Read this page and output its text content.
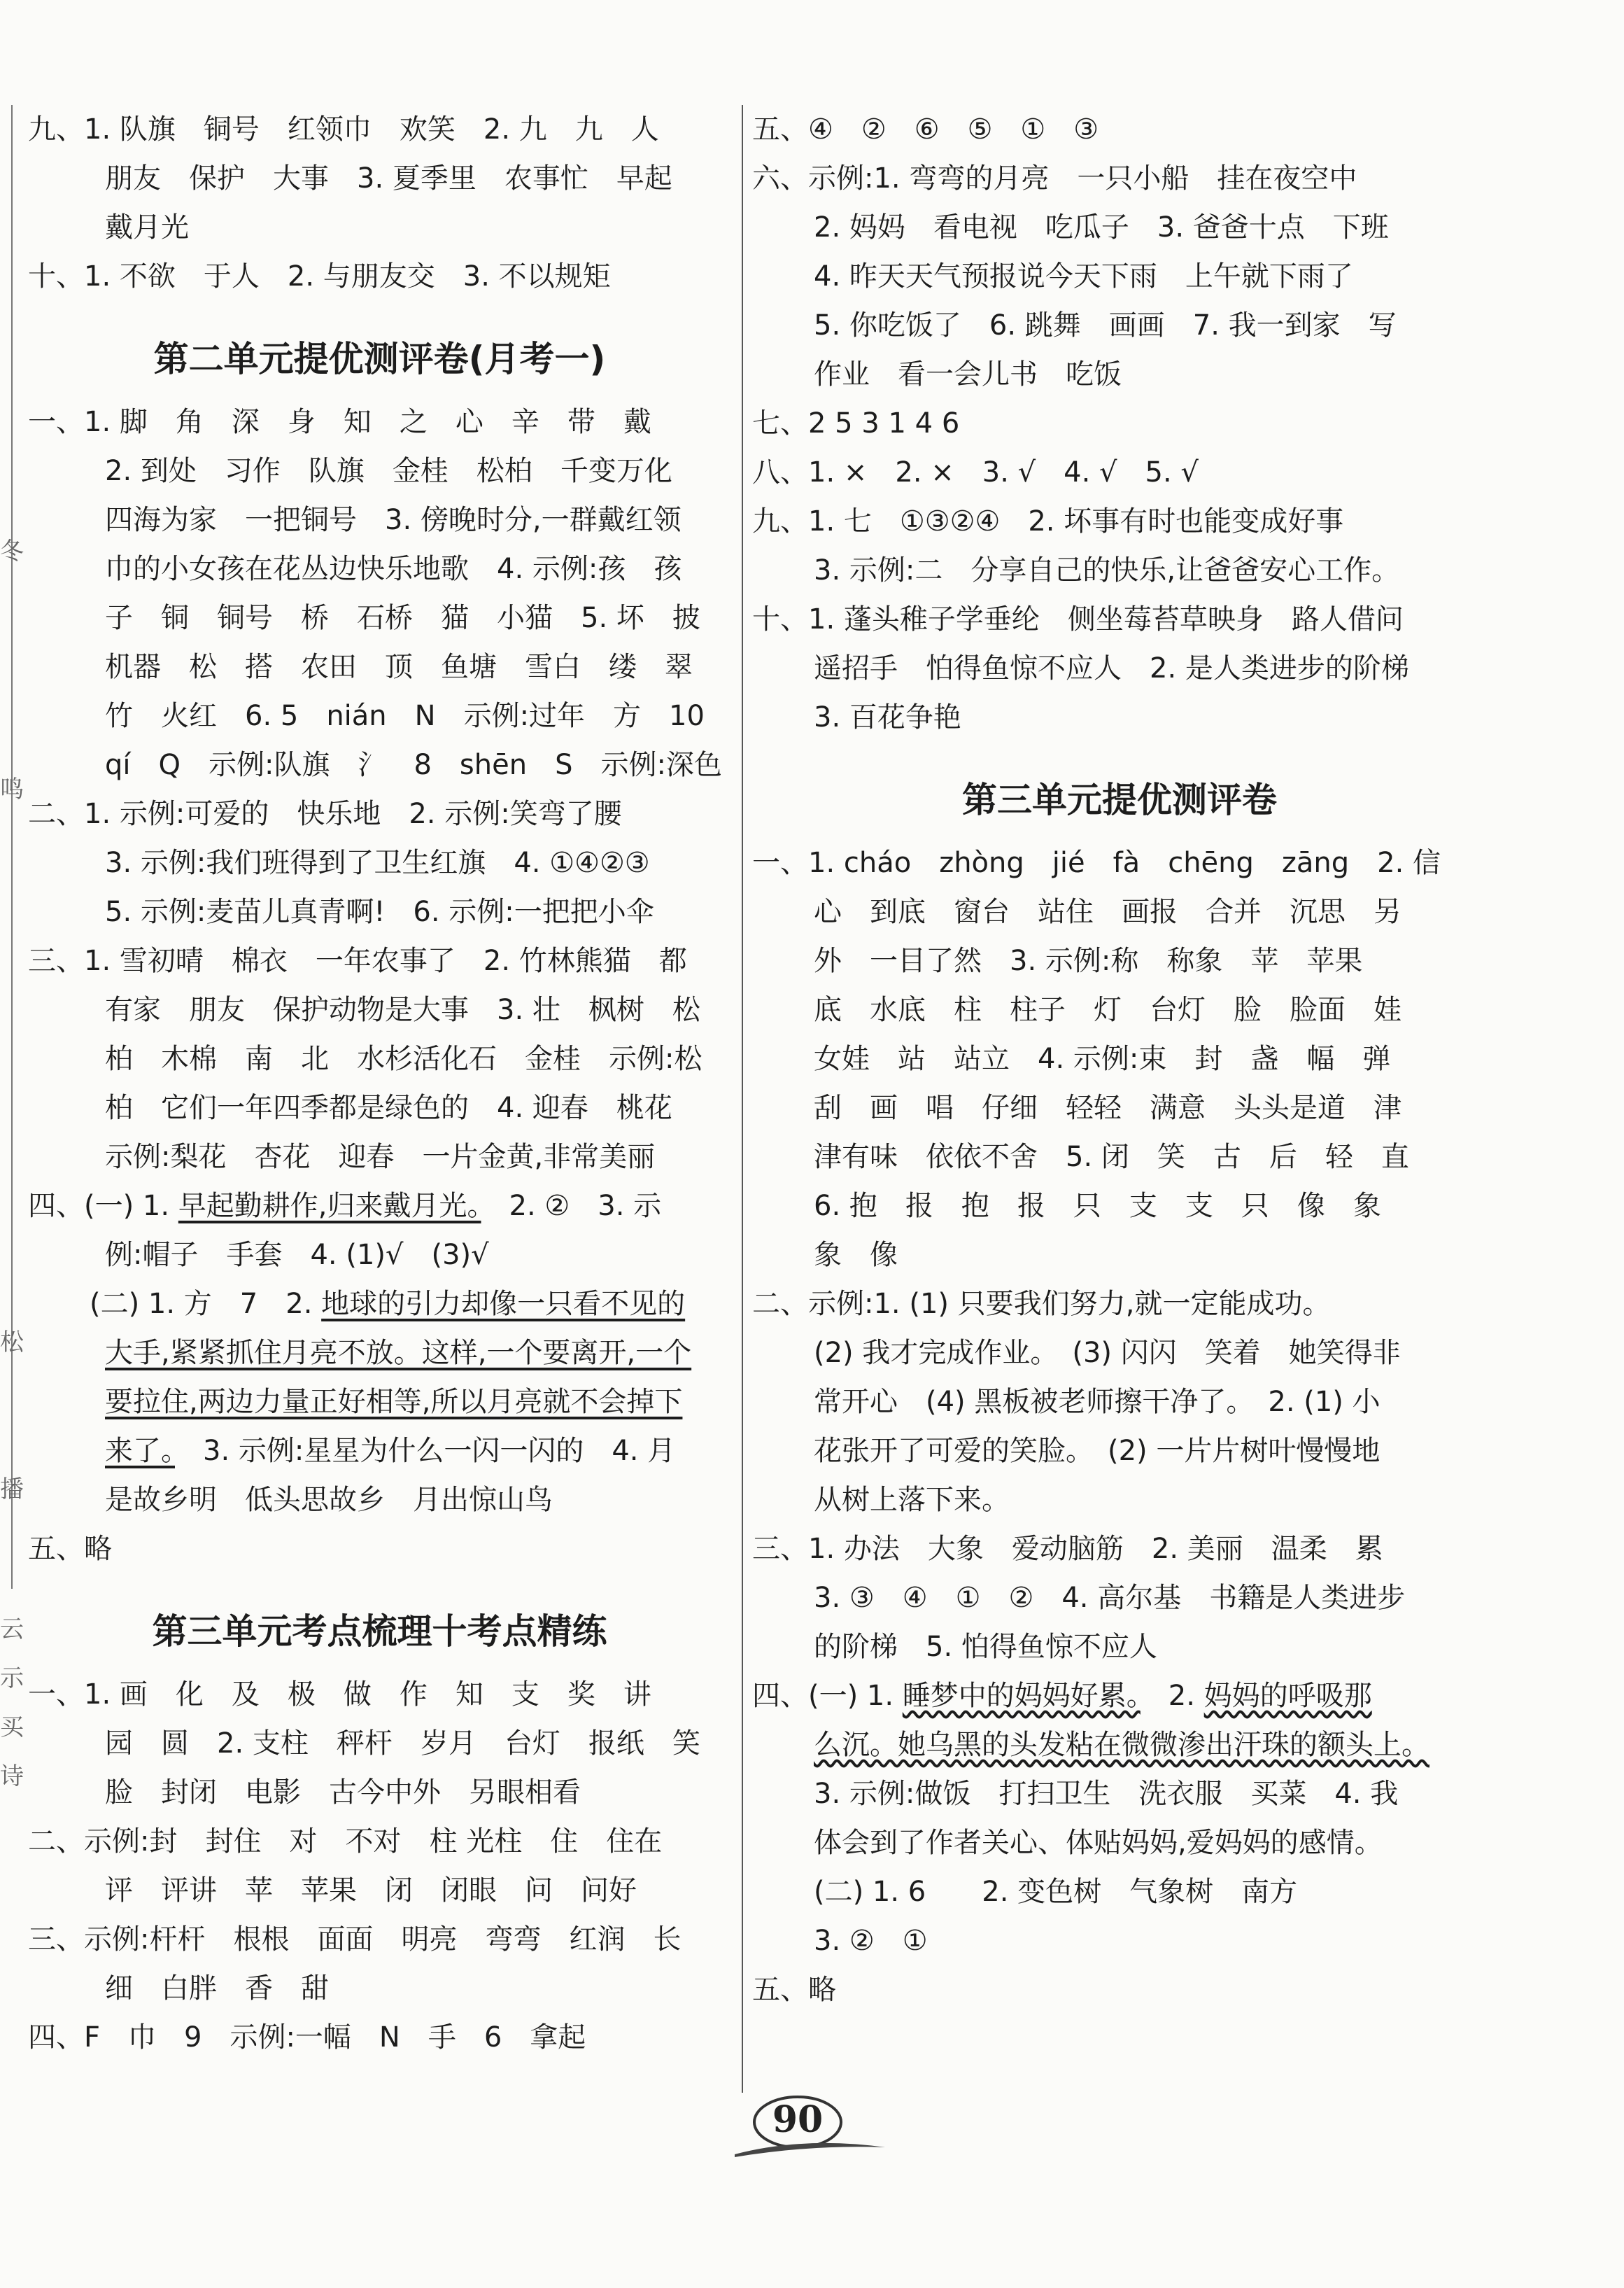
松
播
云
示
买
诗
冬
鸣
九、1. 队旗　铜号　红领巾　欢笑　2. 九　九　人
朋友　保护　大事　3. 夏季里　农事忙　早起
戴月光
十、1. 不欲　于人　2. 与朋友交　3. 不以规矩
第二单元提优测评卷(月考一)
一、1. 脚　角　深　身　知　之　心　辛　带　戴
2. 到处　习作　队旗　金桂　松柏　千变万化
四海为家　一把铜号　3. 傍晚时分,一群戴红领
巾的小女孩在花丛边快乐地歌　4. 示例:孩　孩
子　铜　铜号　桥　石桥　猫　小猫　5. 坏　披
机器　松　搭　农田　顶　鱼塘　雪白　缕　翠
竹　火红　6. 5　nián　N　示例:过年　方　10
qí　Q　示例:队旗　氵　8　shēn　S　示例:深色
二、1. 示例:可爱的　快乐地　2. 示例:笑弯了腰
3. 示例:我们班得到了卫生红旗　4. ①④②③
5. 示例:麦苗儿真青啊!　6. 示例:一把把小伞
三、1. 雪初晴　棉衣　一年农事了　2. 竹林熊猫　都
有家　朋友　保护动物是大事　3. 壮　枫树　松
柏　木棉　南　北　水杉活化石　金桂　示例:松
柏　它们一年四季都是绿色的　4. 迎春　桃花
示例:梨花　杏花　迎春　一片金黄,非常美丽
四、(一) 1. 早起勤耕作,归来戴月光。　2. ②　3. 示
例:帽子　手套　4. (1)√　(3)√
(二) 1. 方　7　2. 地球的引力却像一只看不见的
大手,紧紧抓住月亮不放。这样,一个要离开,一个
要拉住,两边力量正好相等,所以月亮就不会掉下
来了。　3. 示例:星星为什么一闪一闪的　4. 月
是故乡明　低头思故乡　月出惊山鸟
五、略
第三单元考点梳理十考点精练
一、1. 画　化　及　极　做　作　知　支　奖　讲
园　圆　2. 支柱　秤杆　岁月　台灯　报纸　笑
脸　封闭　电影　古今中外　另眼相看
二、示例:封　封住　对　不对　柱 光柱　住　住在
评　评讲　苹　苹果　闭　闭眼　问　问好
三、示例:杆杆　根根　面面　明亮　弯弯　红润　长
细　白胖　香　甜
四、F　巾　9　示例:一幅　N　手　6　拿起
五、④　②　⑥　⑤　①　③
六、示例:1. 弯弯的月亮　一只小船　挂在夜空中
2. 妈妈　看电视　吃瓜子　3. 爸爸十点　下班
4. 昨天天气预报说今天下雨　上午就下雨了
5. 你吃饭了　6. 跳舞　画画　7. 我一到家　写
作业　看一会儿书　吃饭
七、2 5 3 1 4 6
八、1. ×　2. ×　3. √　4. √　5. √
九、1. 七　①③②④　2. 坏事有时也能变成好事
3. 示例:二　分享自己的快乐,让爸爸安心工作。
十、1. 蓬头稚子学垂纶　侧坐莓苔草映身　路人借问
遥招手　怕得鱼惊不应人　2. 是人类进步的阶梯
3. 百花争艳
第三单元提优测评卷
一、1. cháo　zhòng　jié　fà　chēng　zāng　2. 信
心　到底　窗台　站住　画报　合并　沉思　另
外　一目了然　3. 示例:称　称象　苹　苹果
底　水底　柱　柱子　灯　台灯　脸　脸面　娃
女娃　站　站立　4. 示例:束　封　盏　幅　弹
刮　画　唱　仔细　轻轻　满意　头头是道　津
津有味　依依不舍　5. 闭　笑　古　后　轻　直
6. 抱　报　抱　报　只　支　支　只　像　象
象　像
二、示例:1. (1) 只要我们努力,就一定能成功。
(2) 我才完成作业。　(3) 闪闪　笑着　她笑得非
常开心　(4) 黑板被老师擦干净了。　2. (1) 小
花张开了可爱的笑脸。　(2) 一片片树叶慢慢地
从树上落下来。
三、1. 办法　大象　爱动脑筋　2. 美丽　温柔　累
3. ③　④　①　②　4. 高尔基　书籍是人类进步
的阶梯　5. 怕得鱼惊不应人
四、(一) 1. 睡梦中的妈妈好累。　2. 妈妈的呼吸那
么沉。她乌黑的头发粘在微微渗出汗珠的额头上。
3. 示例:做饭　打扫卫生　洗衣服　买菜　4. 我
体会到了作者关心、体贴妈妈,爱妈妈的感情。
(二) 1. 6　　2. 变色树　气象树　南方
3. ②　①
五、略
90
